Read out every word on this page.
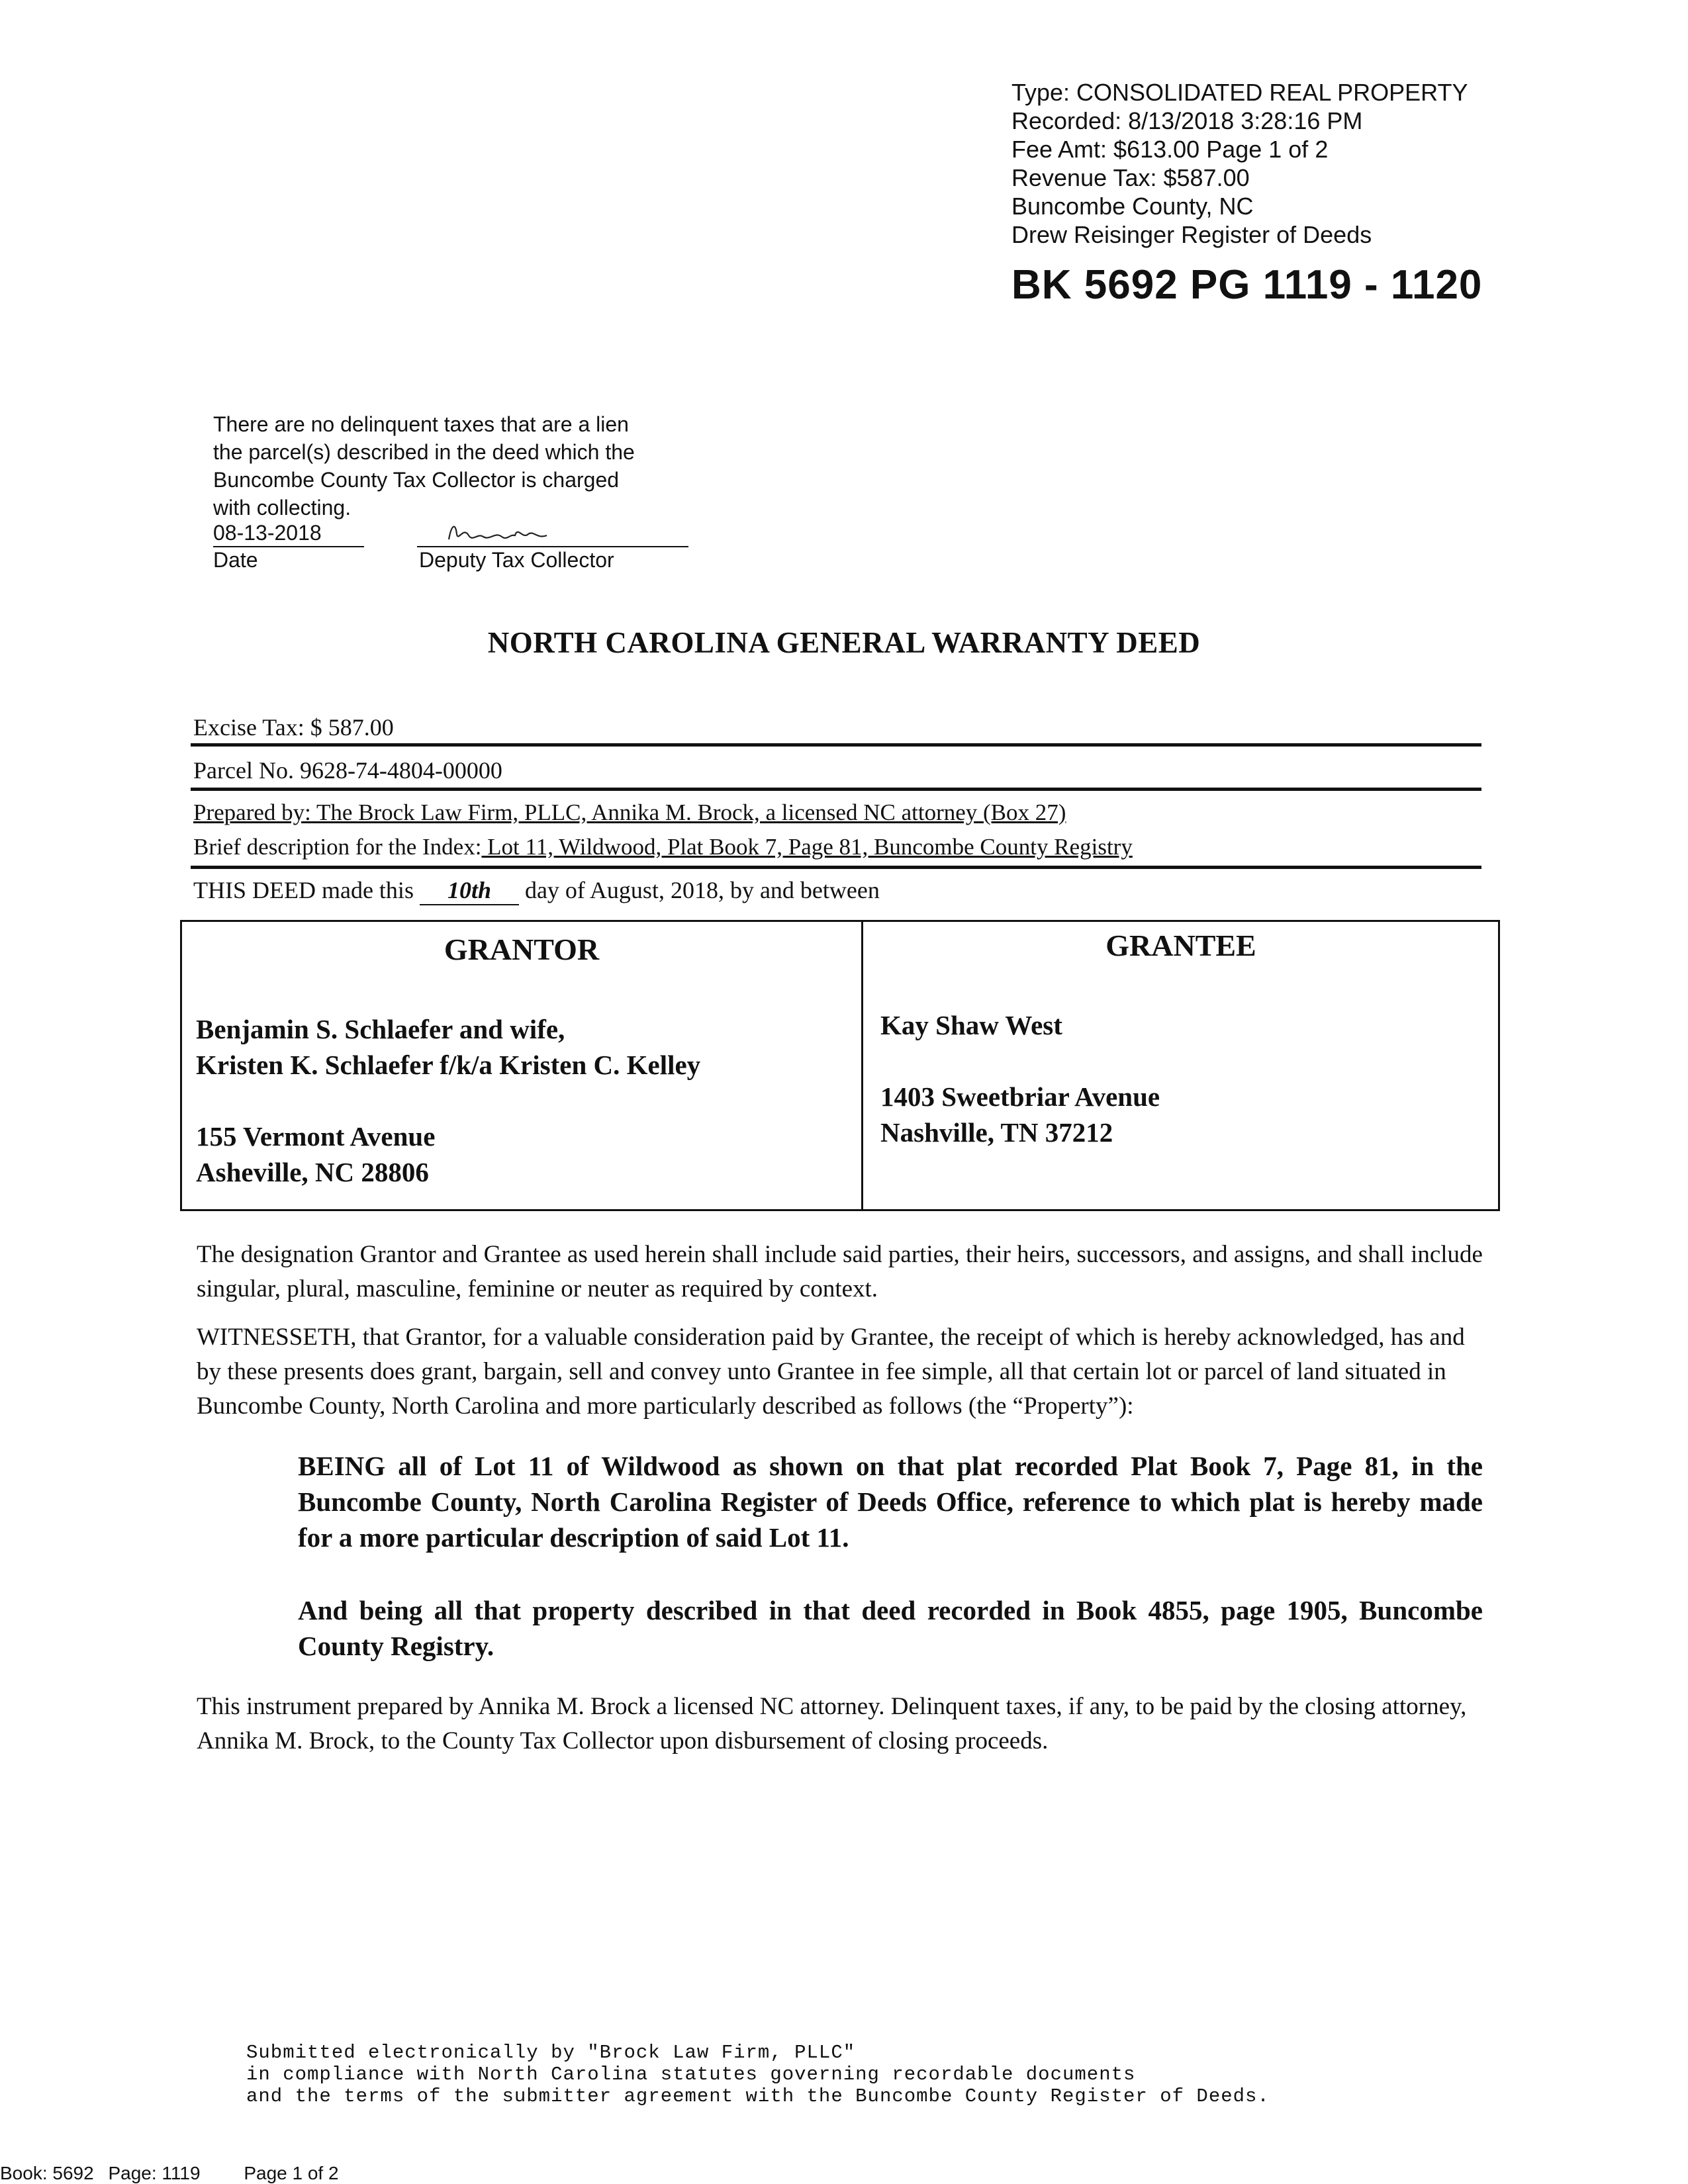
Type: CONSOLIDATED REAL PROPERTY
Recorded: 8/13/2018 3:28:16 PM
Fee Amt: $613.00 Page 1 of 2
Revenue Tax: $587.00
Buncombe County, NC
Drew Reisinger Register of Deeds
BK 5692 PG 1119 - 1120

There are no delinquent taxes that are a lien

the parcel(s) described in the deed which the

Buncombe County Tax Collector is charged

with collecting.

08-13-2018
Date	Deputy Tax Collector
NORTH CAROLINA GENERAL WARRANTY DEED
Excise Tax: $ 587.00
Parcel No. 9628-74-4804-00000
Prepared by: The Brock Law Firm, PLLC, Annika M. Brock, a licensed NC attorney (Box 27)
Brief description for the Index: Lot 11, Wildwood, Plat Book 7, Page 81, Buncombe County Registry
THIS DEED made this 10th day of August, 2018, by and between
GRANTOR
Benjamin S. Schlaefer and wife,
Kristen K. Schlaefer f/k/a Kristen C. Kelley
155 Vermont Avenue
Asheville, NC 28806
GRANTEE
Kay Shaw West
1403 Sweetbriar Avenue
Nashville, TN 37212
The designation Grantor and Grantee as used herein shall include said parties, their heirs, successors, and assigns, and shall include singular, plural, masculine, feminine or neuter as required by context.
WITNESSETH, that Grantor, for a valuable consideration paid by Grantee, the receipt of which is hereby acknowledged, has and by these presents does grant, bargain, sell and convey unto Grantee in fee simple, all that certain lot or parcel of land situated in Buncombe County, North Carolina and more particularly described as follows (the “Property”):
BEING all of Lot 11 of Wildwood as shown on that plat recorded Plat Book 7, Page 81, in the Buncombe County, North Carolina Register of Deeds Office, reference to which plat is hereby made for a more particular description of said Lot 11.
And being all that property described in that deed recorded in Book 4855, page 1905, Buncombe County Registry.
This instrument prepared by Annika M. Brock a licensed NC attorney. Delinquent taxes, if any, to be paid by the closing attorney, Annika M. Brock, to the County Tax Collector upon disbursement of closing proceeds.
Submitted electronically by "Brock Law Firm, PLLC"
in compliance with North Carolina statutes governing recordable documents
and the terms of the submitter agreement with the Buncombe County Register of Deeds.
Book: 5692 Page: 1119 Page 1 of 2
